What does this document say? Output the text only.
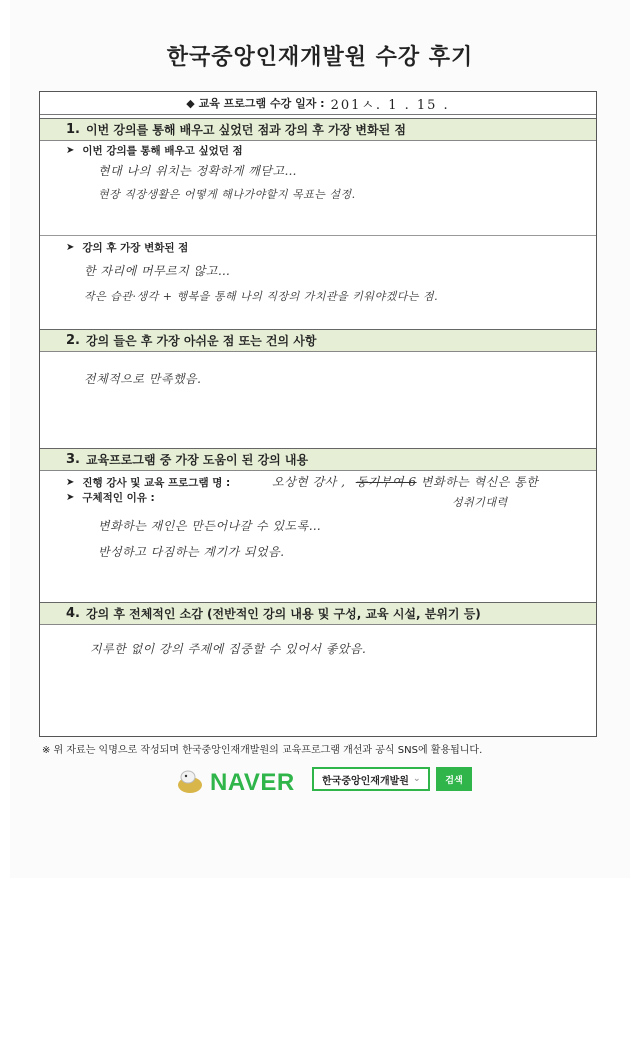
한국중앙인재개발원 수강 후기
◆ 교육 프로그램 수강 일자 : 201ㅅ. 1 . 15 .
1. 이번 강의를 통해 배우고 싶었던 점과 강의 후 가장 변화된 점
➤ 이번 강의를 통해 배우고 싶었던 점
현대 나의 위치는 정확하게 깨닫고…
현장 직장생활은 어떻게 해나가야할지 목표는 설정.
➤ 강의 후 가장 변화된 점
한 자리에 머무르지 않고…
작은 습관·생각 + 행복을 통해 나의 직장의 가치관을 키워야겠다는 점.
2. 강의 들은 후 가장 아쉬운 점 또는 건의 사항
전체적으로 만족했음.
3. 교육프로그램 중 가장 도움이 된 강의 내용
➤ 진행 강사 및 교육 프로그램 명 :	오상현 강사 , 동기부여 6 변화하는 혁신은 통한
성취기대력
➤ 구체적인 이유 :
변화하는 재인은 만든어나갈 수 있도록…
반성하고 다짐하는 계기가 되었음.
4. 강의 후 전체적인 소감 (전반적인 강의 내용 및 구성, 교육 시설, 분위기 등)
지루한 없이 강의 주제에 집중할 수 있어서 좋았음.
※ 위 자료는 익명으로 작성되며 한국중앙인재개발원의 교육프로그램 개선과 공식 SNS에 활용됩니다.
NAVER	한국중앙인재개발원 ⌄	검색
